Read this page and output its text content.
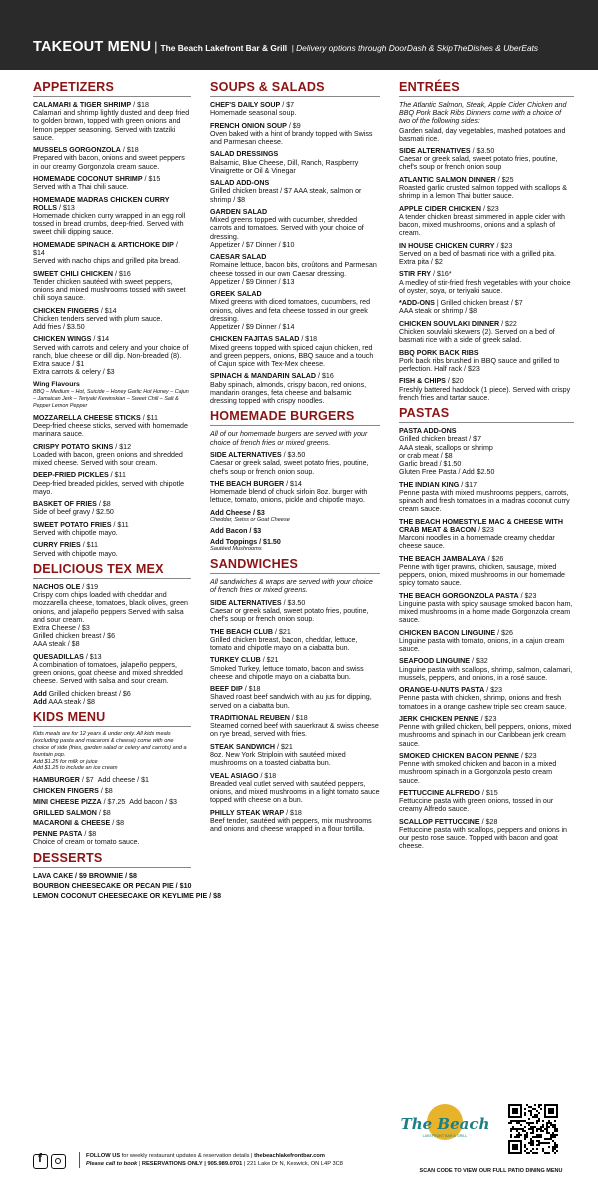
TAKEOUT MENU | The Beach Lakefront Bar & Grill | Delivery options through DoorDash & SkipTheDishes & UberEats
APPETIZERS
CALAMARI & TIGER SHRIMP / $18
Calamari and shrimp lightly dusted and deep fried to golden brown, topped with green onions and lemon pepper seasoning. Served with tzatziki sauce.
MUSSELS GORGONZOLA / $18
Prepared with bacon, onions and sweet peppers in our creamy Gorgonzola cream sauce.
HOMEMADE COCONUT SHRIMP / $15
Served with a Thai chili sauce.
HOMEMADE MADRAS CHICKEN CURRY ROLLS / $13
Homemade chicken curry wrapped in an egg roll tossed in bread crumbs, deep-fried. Served with sweet chili dipping sauce.
HOMEMADE SPINACH & ARTICHOKE DIP / $14
Served with nacho chips and grilled pita bread.
SWEET CHILI CHICKEN / $16
Tender chicken sautéed with sweet peppers, onions and mixed mushrooms tossed with sweet chili soya sauce.
CHICKEN FINGERS / $14
Chicken tenders served with plum sauce.
Add fries / $3.50
CHICKEN WINGS / $14
Served with carrots and celery and your choice of ranch, blue cheese or dill dip. Non-breaded (8).
Extra sauce / $1
Extra carrots & celery / $3
Wing Flavours
BBQ – Medium – Hot, Suicide – Honey Garlic Hot Honey – Cajun – Jamaican Jerk – Teriyaki Kewinskian – Sweet Chili – Salt & Pepper Lemon Pepper
MOZZARELLA CHEESE STICKS / $11
Deep-fried cheese sticks, served with homemade marinara sauce.
CRISPY POTATO SKINS / $12
Loaded with bacon, green onions and shredded mixed cheese. Served with sour cream.
DEEP-FRIED PICKLES / $11
Deep-fried breaded pickles, served with chipotle mayo.
BASKET OF FRIES / $8
Side of beef gravy / $2.50
SWEET POTATO FRIES / $11
Served with chipotle mayo.
CURRY FRIES / $11
Served with chipotle mayo.
DELICIOUS TEX MEX
NACHOS OLE / $19
Crispy corn chips loaded with cheddar and mozzarella cheese, tomatoes, black olives, green onions, and jalapeño peppers Served with salsa and sour cream.
Extra Cheese / $3
Grilled chicken breast / $6
AAA steak / $8
QUESADILLAS / $13
A combination of tomatoes, jalapeño peppers, green onions, goat cheese and mixed shredded cheese. Served with salsa and sour cream.
Add Grilled chicken breast / $6
Add AAA steak / $8
KIDS MENU
Kids meals are for 12 years & under only. All kids meals (excluding pasta and macaroni & cheese) come with one choice of side (fries, garden salad or celery and carrots) and a fountain pop.
Add $1.25 for milk or juice
Add $1.25 to include an ice cream
HAMBURGER / $7 Add cheese / $1
CHICKEN FINGERS / $8
MINI CHEESE PIZZA / $7.25 Add bacon / $3
GRILLED SALMON / $8
MACARONI & CHEESE / $8
PENNE PASTA / $8
Choice of cream or tomato sauce.
DESSERTS
LAVA CAKE / $9 BROWNIE / $8
BOURBON CHEESECAKE OR PECAN PIE / $10
LEMON COCONUT CHEESECAKE OR KEYLIME PIE / $8
SOUPS & SALADS
CHEF'S DAILY SOUP / $7
Homemade seasonal soup.
FRENCH ONION SOUP / $9
Oven baked with a hint of brandy topped with Swiss and Parmesan cheese.
SALAD DRESSINGS
Balsamic, Blue Cheese, Dill, Ranch, Raspberry Vinaigrette or Oil & Vinegar
SALAD ADD-ONS
Grilled chicken breast / $7 AAA steak, salmon or shrimp / $8
GARDEN SALAD
Mixed greens topped with cucumber, shredded carrots and tomatoes. Served with your choice of dressing.
Appetizer / $7 Dinner / $10
CAESAR SALAD
Romaine lettuce, bacon bits, croûtons and Parmesan cheese tossed in our own Caesar dressing.
Appetizer / $9 Dinner / $13
GREEK SALAD
Mixed greens with diced tomatoes, cucumbers, red onions, olives and feta cheese tossed in our greek dressing.
Appetizer / $9 Dinner / $14
CHICKEN FAJITAS SALAD / $18
Mixed greens topped with spiced cajun chicken, red and green peppers, onions, BBQ sauce and a touch of Cajun spice with Tex-Mex cheese.
SPINACH & MANDARIN SALAD / $16
Baby spinach, almonds, crispy bacon, red onions, mandarin oranges, feta cheese and balsamic dressing topped with crispy noodles.
HOMEMADE BURGERS
All of our homemade burgers are served with your choice of french fries or mixed greens.
SIDE ALTERNATIVES / $3.50
Caesar or greek salad, sweet potato fries, poutine, chef's soup or french onion soup.
THE BEACH BURGER / $14
Homemade blend of chuck sirloin 8oz. burger with lettuce, tomato, onions, pickle and chipotle mayo.
Add Cheese / $3
Cheddar, Swiss or Goat Cheese
Add Bacon / $3
Add Toppings / $1.50
Sautéed Mushrooms
SANDWICHES
All sandwiches & wraps are served with your choice of french fries or mixed greens.
SIDE ALTERNATIVES / $3.50
Caesar or greek salad, sweet potato fries, poutine, chef's soup or french onion soup.
THE BEACH CLUB / $21
Grilled chicken breast, bacon, cheddar, lettuce, tomato and chipotle mayo on a ciabatta bun.
TURKEY CLUB / $21
Smoked Turkey, lettuce tomato, bacon and swiss cheese and chipotle mayo on a ciabatta bun.
BEEF DIP / $18
Shaved roast beef sandwich with au jus for dipping, served on a ciabatta bun.
TRADITIONAL REUBEN / $18
Steamed corned beef with sauerkraut & swiss cheese on rye bread, served with fries.
STEAK SANDWICH / $21
8oz. New York Striploin with sautéed mixed mushrooms on a toasted ciabatta bun.
VEAL ASIAGO / $18
Breaded veal cutlet served with sautéed peppers, onions, and mixed mushrooms in a light tomato sauce topped with cheese on a bun.
PHILLY STEAK WRAP / $18
Beef tender, sautéed with peppers, mix mushrooms and onions and cheese wrapped in a flour tortilla.
ENTRÉES
The Atlantic Salmon, Steak, Apple Cider Chicken and BBQ Pork Back Ribs Dinners come with a choice of two of the following sides:
Garden salad, day vegetables, mashed potatoes and basmati rice.
SIDE ALTERNATIVES / $3.50
Caesar or greek salad, sweet potato fries, poutine, chef's soup or french onion soup
ATLANTIC SALMON DINNER / $25
Roasted garlic crusted salmon topped with scallops & shrimp in a lemon Thai butter sauce.
APPLE CIDER CHICKEN / $23
A tender chicken breast simmered in apple cider with bacon, mixed mushrooms, onions and a splash of cream.
IN HOUSE CHICKEN CURRY / $23
Served on a bed of basmati rice with a grilled pita. Extra pita / $2
STIR FRY / $16*
A medley of stir-fried fresh vegetables with your choice of oyster, soya, or teriyaki sauce.
*ADD-ONS | Grilled chicken breast / $7
AAA steak or shrimp / $8
CHICKEN SOUVLAKI DINNER / $22
Chicken souvlaki skewers (2). Served on a bed of basmati rice with a side of greek salad.
BBQ PORK BACK RIBS
Pork back ribs brushed in BBQ sauce and grilled to perfection. Half rack / $23
FISH & CHIPS / $20
Freshly battered haddock (1 piece). Served with crispy french fries and tartar sauce.
PASTAS
PASTA ADD-ONS
Grilled chicken breast / $7
AAA steak, scallops or shrimp
or crab meat / $8
Garlic bread / $1.50
Gluten Free Pasta / Add $2.50
THE INDIAN KING / $17
Penne pasta with mixed mushrooms peppers, carrots, spinach and fresh tomatoes in a madras coconut curry cream sauce.
THE BEACH HOMESTYLE MAC & CHEESE WITH CRAB MEAT & BACON / $23
Marconi noodles in a homemade creamy cheddar cheese sauce.
THE BEACH JAMBALAYA / $26
Penne with tiger prawns, chicken, sausage, mixed peppers, onion, mixed mushrooms in our homemade spicy tomato sauce.
THE BEACH GORGONZOLA PASTA / $23
Linguine pasta with spicy sausage smoked bacon ham, mixed mushrooms in a home made Gorgonzola cream sauce.
CHICKEN BACON LINGUINE / $26
Linguine pasta with tomato, onions, in a cajun cream sauce.
SEAFOOD LINGUINE / $32
Linguine pasta with scallops, shrimp, salmon, calamari, mussels, peppers, and onions, in a rosé sauce.
ORANGE-U-NUTS PASTA / $23
Penne pasta with chicken, shrimp, onions and fresh tomatoes in a orange cashew triple sec cream sauce.
JERK CHICKEN PENNE / $23
Penne with grilled chicken, bell peppers, onions, mixed mushrooms and spinach in our Caribbean jerk cream sauce.
SMOKED CHICKEN BACON PENNE / $23
Penne with smoked chicken and bacon in a mixed mushroom spinach in a Gorgonzola pesto cream sauce.
FETTUCCINE ALFREDO / $15
Fettuccine pasta with green onions, tossed in our creamy Alfredo sauce.
SCALLOP FETTUCCINE / $28
Fettuccine pasta with scallops, peppers and onions in our pesto rose sauce. Topped with bacon and goat cheese.
f	FOLLOW US for weekly restaurant updates & reservation details | thebeachlakefrontbar.com
Please call to book | RESERVATIONS ONLY | 905.989.0701 | 221 Lake Dr N, Keswick, ON L4P 3C8
The Beach
LAKEFRONT BAR & GRILL
SCAN CODE TO VIEW OUR FULL PATIO DINING MENU
